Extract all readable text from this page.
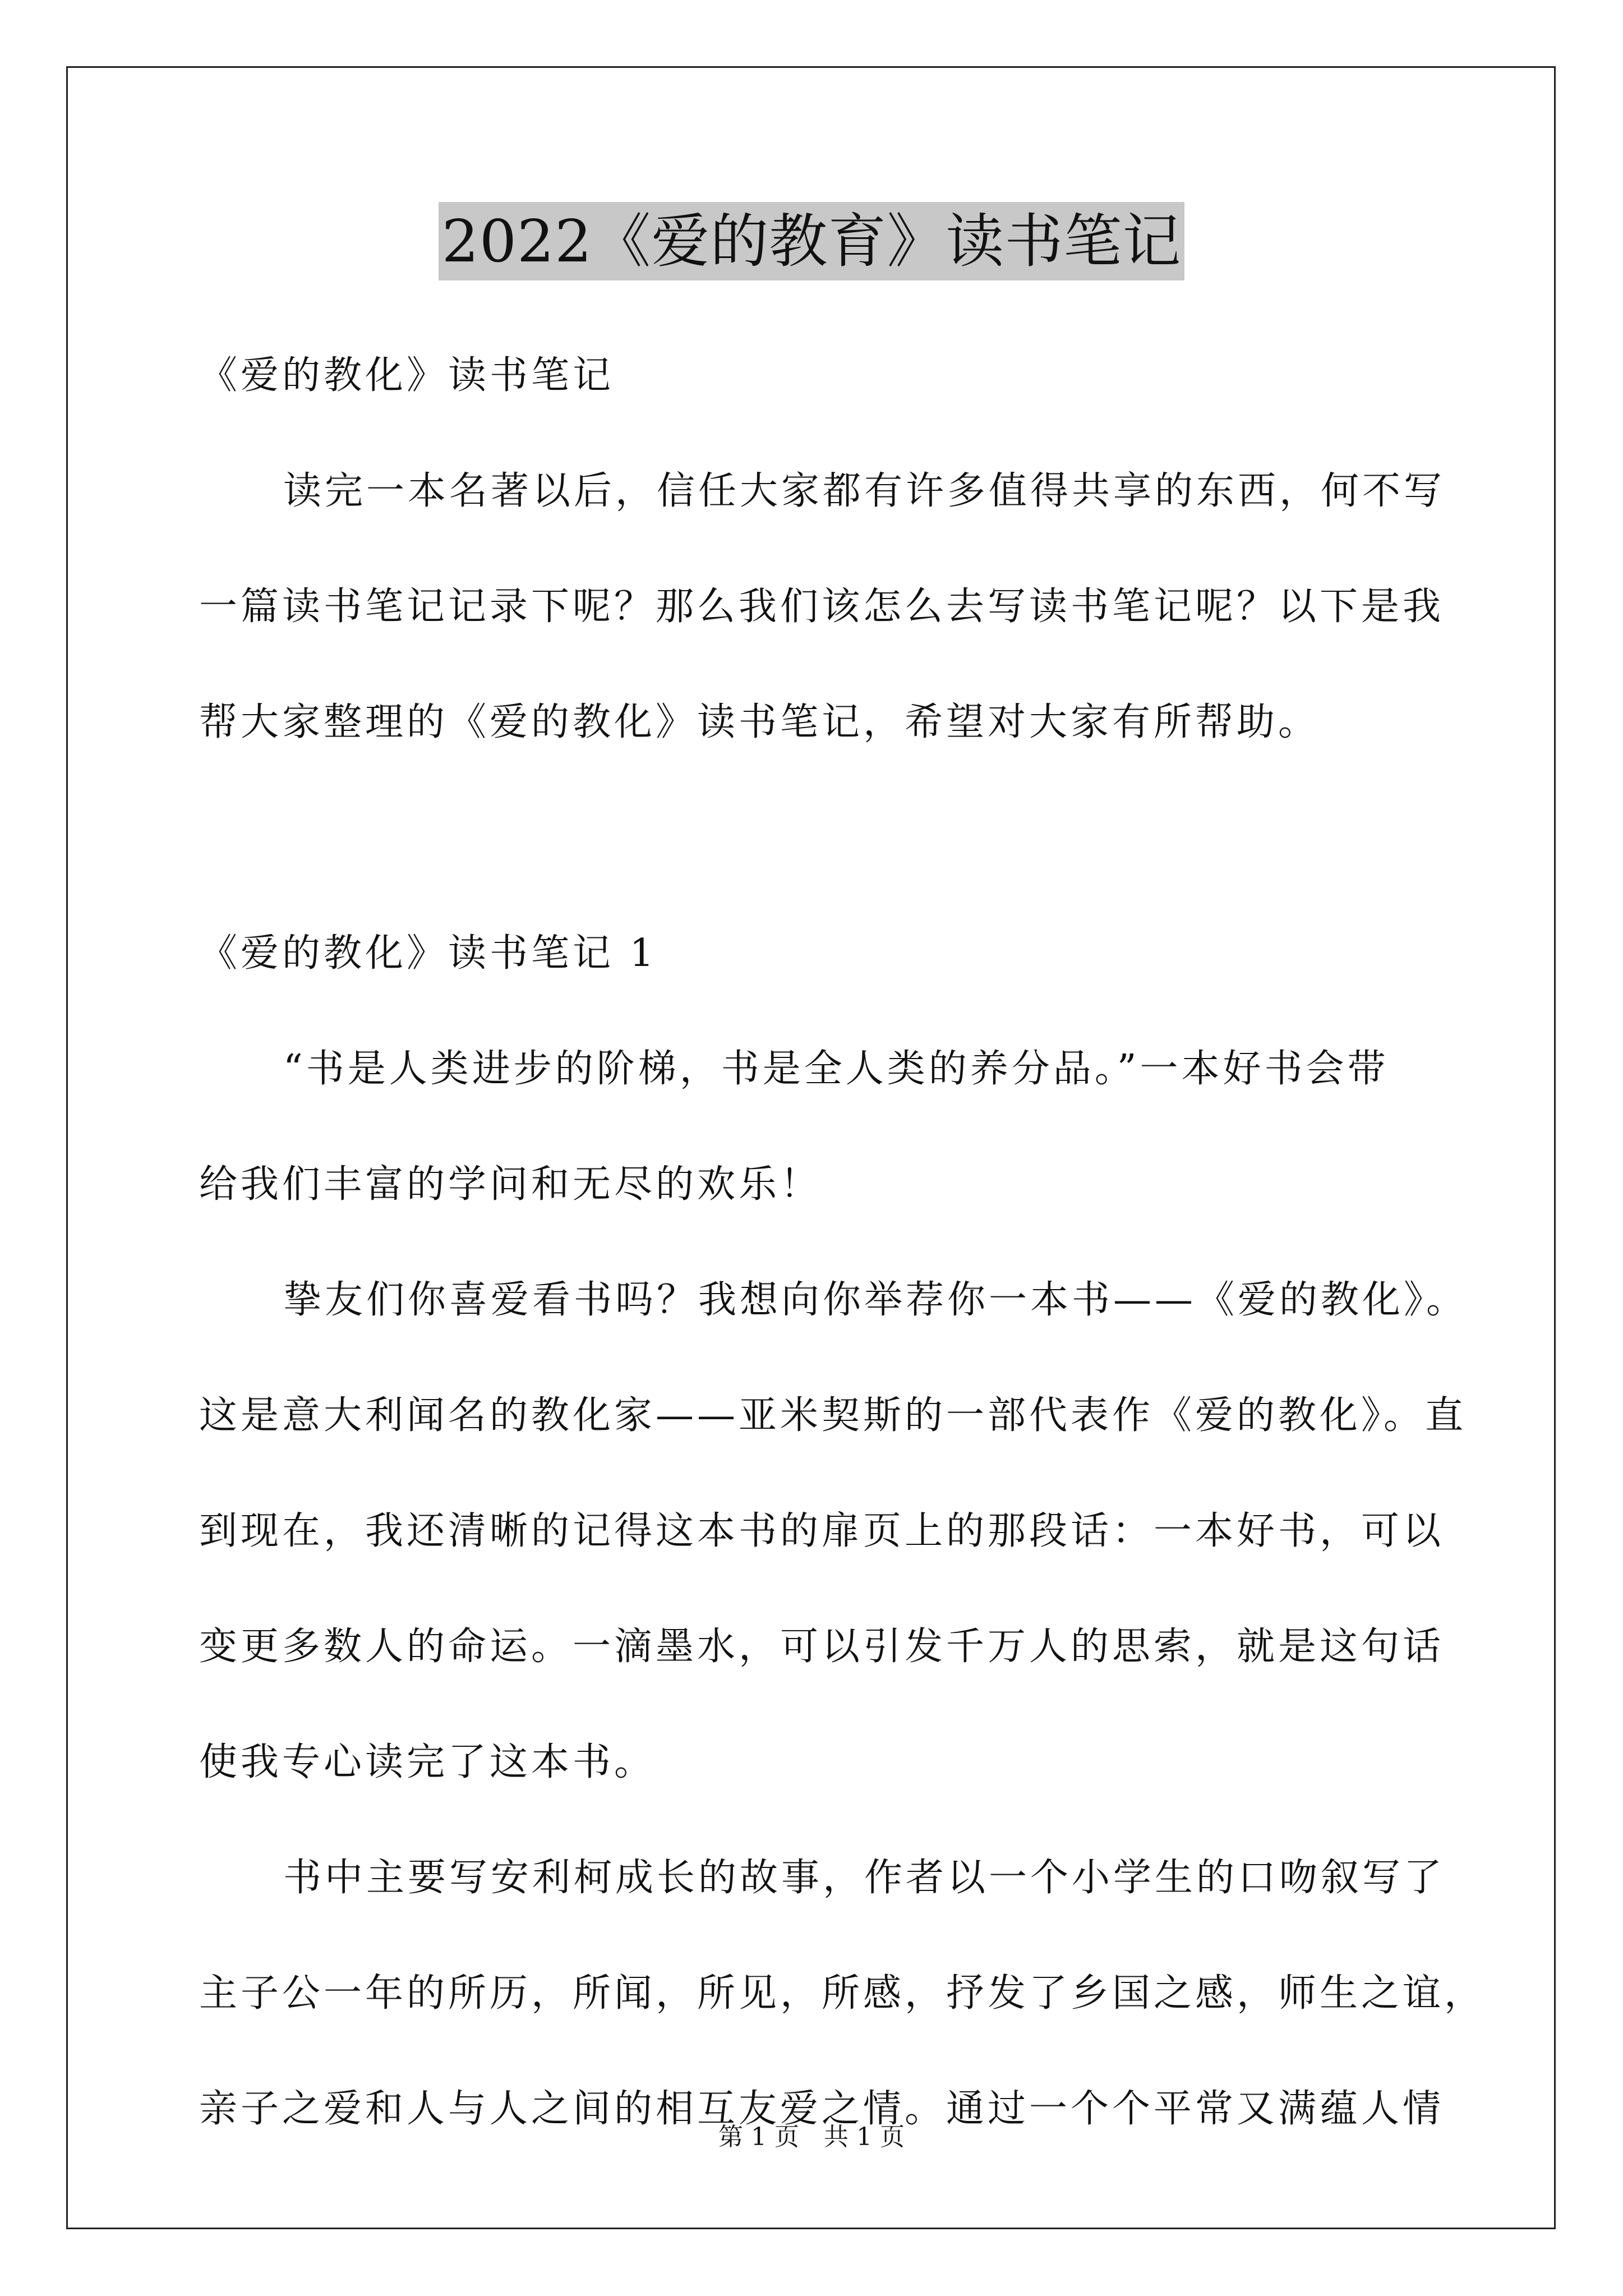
2022《爱的教育》读书笔记
《爱的教化》读书笔记
读完一本名著以后，信任大家都有许多值得共享的东西，何不写
一篇读书笔记记录下呢？那么我们该怎么去写读书笔记呢？以下是我
帮大家整理的《爱的教化》读书笔记，希望对大家有所帮助。
《爱的教化》读书笔记 1
“书是人类进步的阶梯，书是全人类的养分品。”一本好书会带
给我们丰富的学问和无尽的欢乐！
挚友们你喜爱看书吗？我想向你举荐你一本书——《爱的教化》。
这是意大利闻名的教化家——亚米契斯的一部代表作《爱的教化》。直
到现在，我还清晰的记得这本书的扉页上的那段话：一本好书，可以
变更多数人的命运。一滴墨水，可以引发千万人的思索，就是这句话
使我专心读完了这本书。
书中主要写安利柯成长的故事，作者以一个小学生的口吻叙写了
主子公一年的所历，所闻，所见，所感，抒发了乡国之感，师生之谊，
亲子之爱和人与人之间的相互友爱之情。通过一个个平常又满蕴人情
第 1 页 共 1 页
